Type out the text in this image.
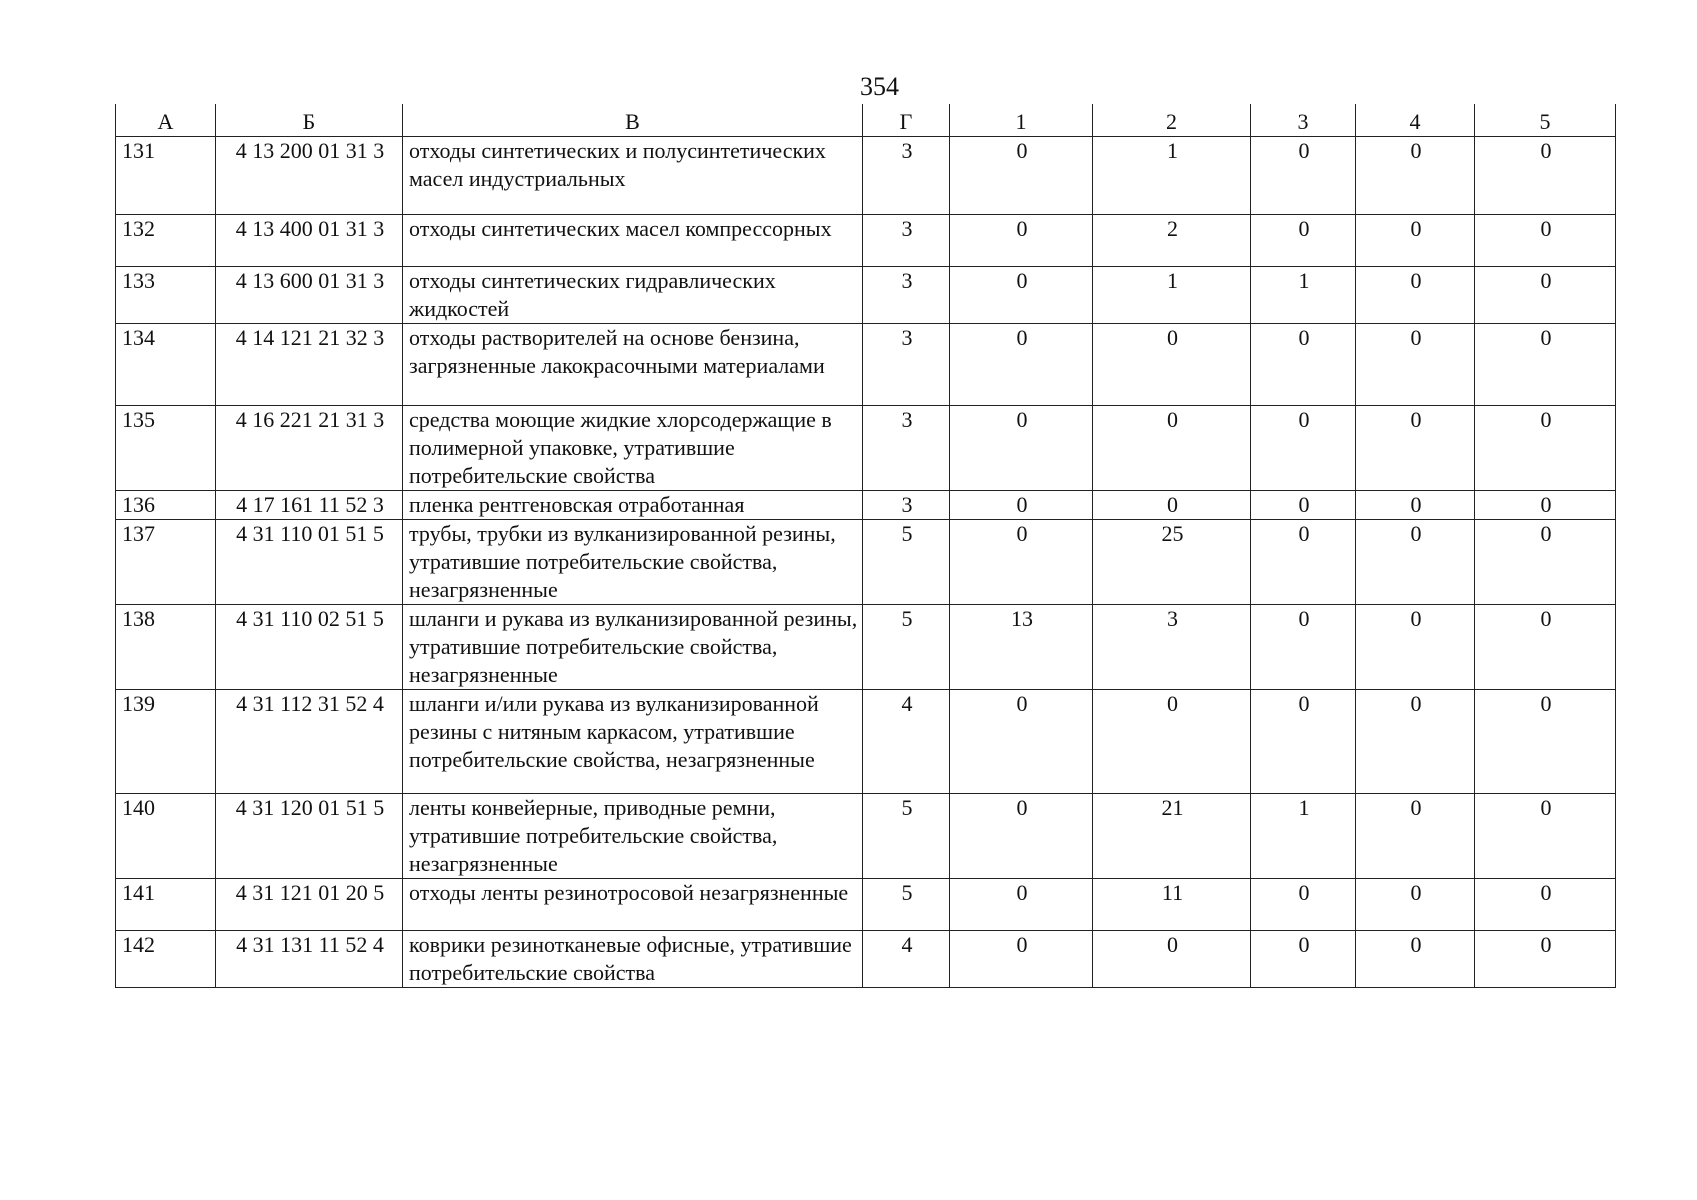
354
А	Б	В	Г	1	2	3	4	5
131	4 13 200 01 31 3	отходы синтетических и полусинтетических масел индустриальных	3	0	1	0	0	0
132	4 13 400 01 31 3	отходы синтетических масел компрессорных	3	0	2	0	0	0
133	4 13 600 01 31 3	отходы синтетических гидравлических жидкостей	3	0	1	1	0	0
134	4 14 121 21 32 3	отходы растворителей на основе бензина, загрязненные лакокрасочными материалами	3	0	0	0	0	0
135	4 16 221 21 31 3	средства моющие жидкие хлорсодержащие в полимерной упаковке, утратившие потребительские свойства	3	0	0	0	0	0
136	4 17 161 11 52 3	пленка рентгеновская отработанная	3	0	0	0	0	0
137	4 31 110 01 51 5	трубы, трубки из вулканизированной резины, утратившие потребительские свойства, незагрязненные	5	0	25	0	0	0
138	4 31 110 02 51 5	шланги и рукава из вулканизированной резины, утратившие потребительские свойства, незагрязненные	5	13	3	0	0	0
139	4 31 112 31 52 4	шланги и/или рукава из вулканизированной резины с нитяным каркасом, утратившие потребительские свойства, незагрязненные	4	0	0	0	0	0
140	4 31 120 01 51 5	ленты конвейерные, приводные ремни, утратившие потребительские свойства, незагрязненные	5	0	21	1	0	0
141	4 31 121 01 20 5	отходы ленты резинотросовой незагрязненные	5	0	11	0	0	0
142	4 31 131 11 52 4	коврики резинотканевые офисные, утратившие потребительские свойства	4	0	0	0	0	0
